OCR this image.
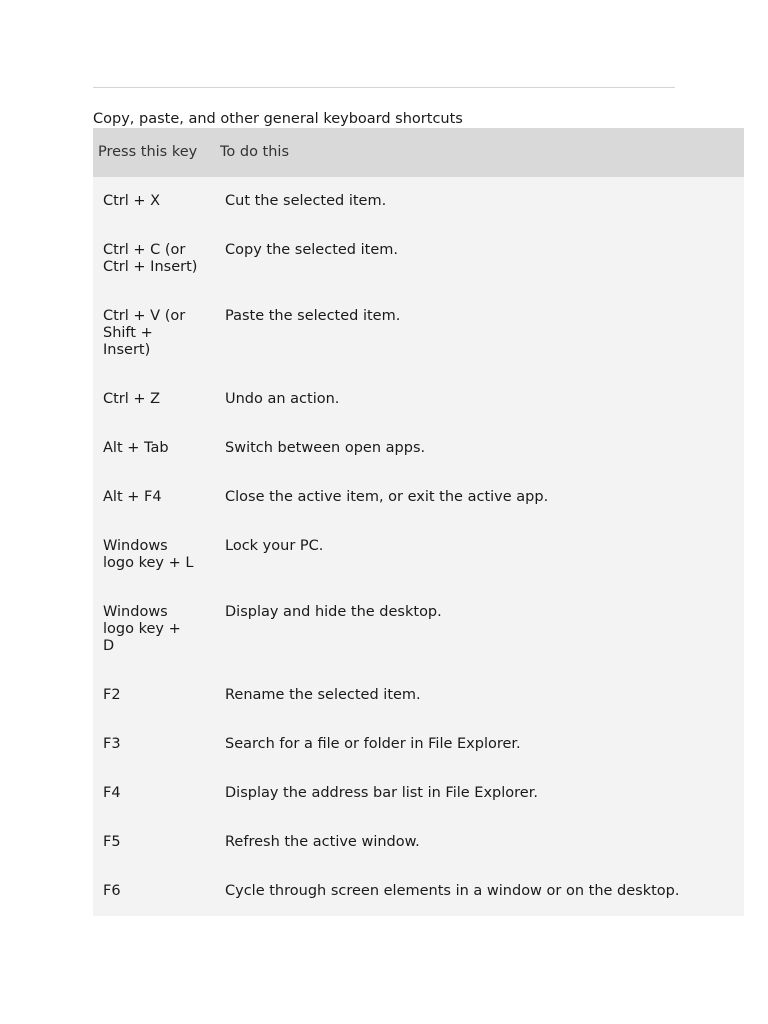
Copy, paste, and other general keyboard shortcuts
Press this key	To do this
Ctrl + X	Cut the selected item.
Ctrl + C (or
Ctrl + Insert)	Copy the selected item.
Ctrl + V (or
Shift +
Insert)	Paste the selected item.
Ctrl + Z	Undo an action.
Alt + Tab	Switch between open apps.
Alt + F4	Close the active item, or exit the active app.
Windows
logo key + L	Lock your PC.
Windows
logo key +
D	Display and hide the desktop.
F2	Rename the selected item.
F3	Search for a file or folder in File Explorer.
F4	Display the address bar list in File Explorer.
F5	Refresh the active window.
F6	Cycle through screen elements in a window or on the desktop.
